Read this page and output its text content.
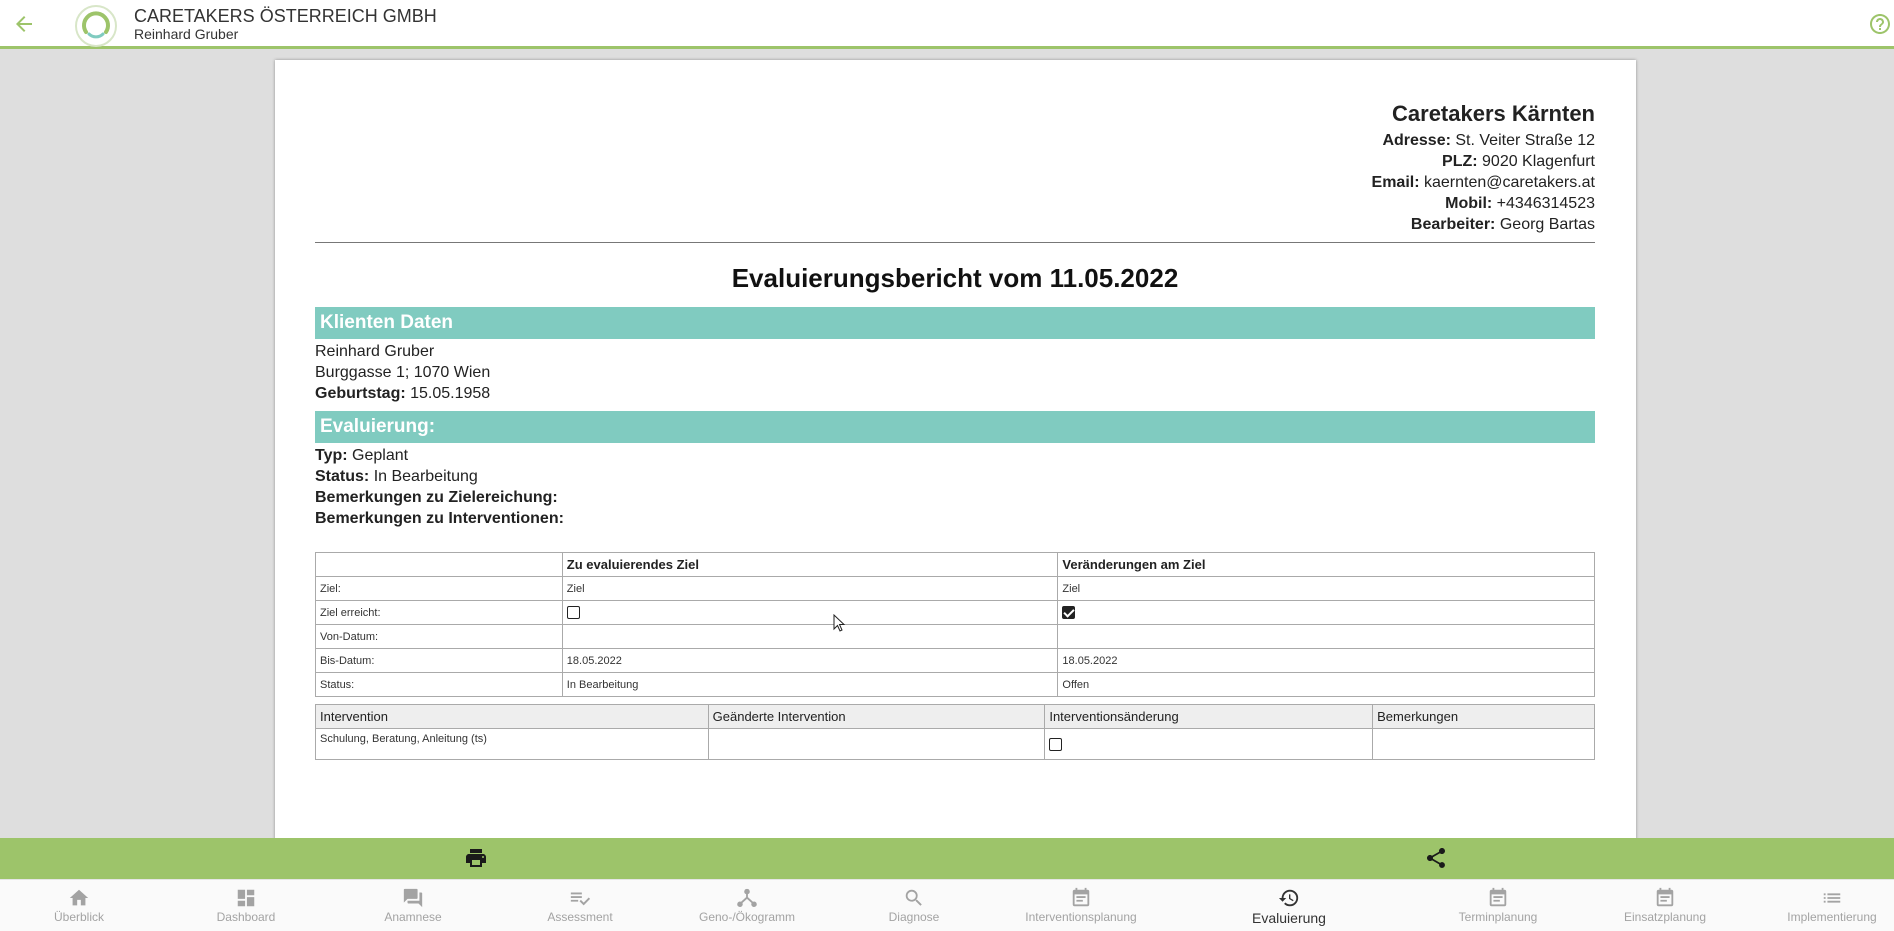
CARETAKERS ÖSTERREICH GMBH
Reinhard Gruber
Caretakers Kärnten
Adresse: St. Veiter Straße 12
PLZ: 9020 Klagenfurt
Email: kaernten@caretakers.at
Mobil: +4346314523
Bearbeiter: Georg Bartas
Evaluierungsbericht vom 11.05.2022
Klienten Daten
Reinhard Gruber
Burggasse 1; 1070 Wien
Geburtstag: 15.05.1958
Evaluierung:
Typ: Geplant
Status: In Bearbeitung
Bemerkungen zu Zielereichung:
Bemerkungen zu Interventionen:
	Zu evaluierendes Ziel	Veränderungen am Ziel
Ziel:	Ziel	Ziel
Ziel erreicht:		
Von-Datum:		
Bis-Datum:	18.05.2022	18.05.2022
Status:	In Bearbeitung	Offen
Intervention	Geänderte Intervention	Interventionsänderung	Bemerkungen
Schulung, Beratung, Anleitung (ts)			
Überblick	Dashboard	Anamnese	Assessment	Geno-/Ökogramm	Diagnose	Interventionsplanung	Evaluierung	Terminplanung	Einsatzplanung	Implementierung
